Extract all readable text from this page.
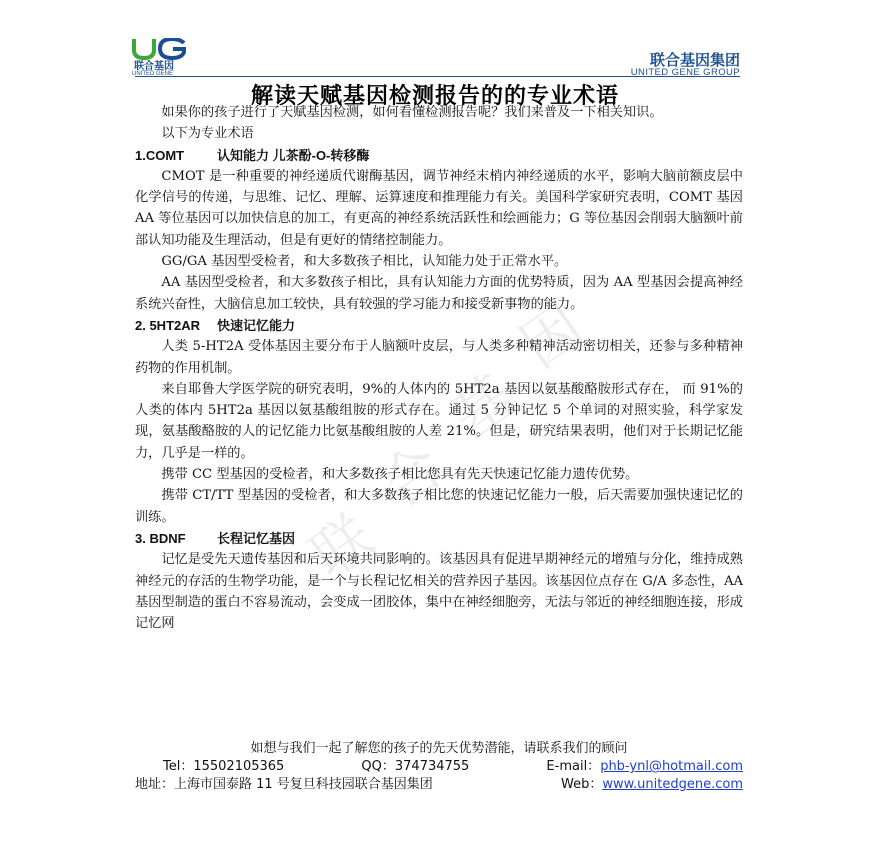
联合基因
UNITED GENE
联合基因集团
UNITED GENE GROUP
解读天赋基因检测报告的的专业术语
联
合
基
因

如果你的孩子进行了天赋基因检测，如何看懂检测报告呢？我们来普及一下相关知识。

以下为专业术语

1.COMT	认知能力 儿茶酚-O-转移酶

CMOT 是一种重要的神经递质代谢酶基因，调节神经末梢内神经递质的水平，影响大脑前额皮层中化学信号的传递，与思维、记忆、理解、运算速度和推理能力有关。美国科学家研究表明，COMT 基因 AA 等位基因可以加快信息的加工，有更高的神经系统活跃性和绘画能力；G 等位基因会削弱大脑额叶前部认知功能及生理活动，但是有更好的情绪控制能力。

GG/GA 基因型受检者，和大多数孩子相比，认知能力处于正常水平。

AA 基因型受检者，和大多数孩子相比，具有认知能力方面的优势特质，因为 AA 型基因会提高神经系统兴奋性，大脑信息加工较快，具有较强的学习能力和接受新事物的能力。

2. 5HT2AR 快速记忆能力

人类 5-HT2A 受体基因主要分布于人脑额叶皮层，与人类多种精神活动密切相关，还参与多种精神药物的作用机制。

来自耶鲁大学医学院的研究表明，9%的人体内的 5HT2a 基因以氨基酸酪胺形式存在， 而 91%的人类的体内 5HT2a 基因以氨基酸组胺的形式存在。通过 5 分钟记忆 5 个单词的对照实验，科学家发现，氨基酸酪胺的人的记忆能力比氨基酸组胺的人差 21%。但是，研究结果表明，他们对于长期记忆能力，几乎是一样的。

携带 CC 型基因的受检者，和大多数孩子相比您具有先天快速记忆能力遗传优势。

携带 CT/TT 型基因的受检者，和大多数孩子相比您的快速记忆能力一般，后天需要加强快速记忆的训练。

3. BDNF 长程记忆基因

记忆是受先天遗传基因和后天环境共同影响的。该基因具有促进早期神经元的增殖与分化，维持成熟神经元的存活的生物学功能，是一个与长程记忆相关的营养因子基因。该基因位点存在 G/A 多态性，AA 基因型制造的蛋白不容易流动，会变成一团胶体，集中在神经细胞旁，无法与邻近的神经细胞连接，形成记忆网

如想与我们一起了解您的孩子的先天优势潜能，请联系我们的顾问
Tel：15502105365	QQ：374734755	E-mail：phb-ynl@hotmail.com
地址：上海市国泰路 11 号复旦科技园联合基因集团	Web：www.unitedgene.com
